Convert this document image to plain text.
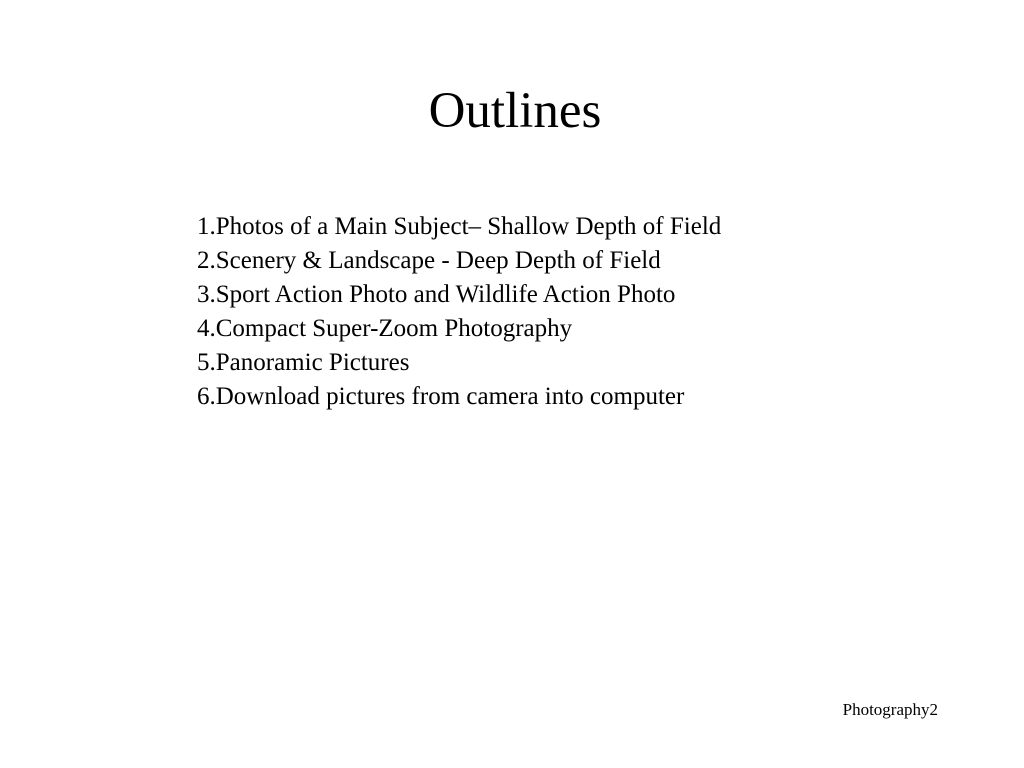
Outlines
1.Photos of a Main Subject– Shallow Depth of Field
2.Scenery & Landscape - Deep Depth of Field
3.Sport Action Photo and Wildlife Action Photo
4.Compact Super-Zoom Photography
5.Panoramic Pictures
6.Download pictures from camera into computer
Photography2
